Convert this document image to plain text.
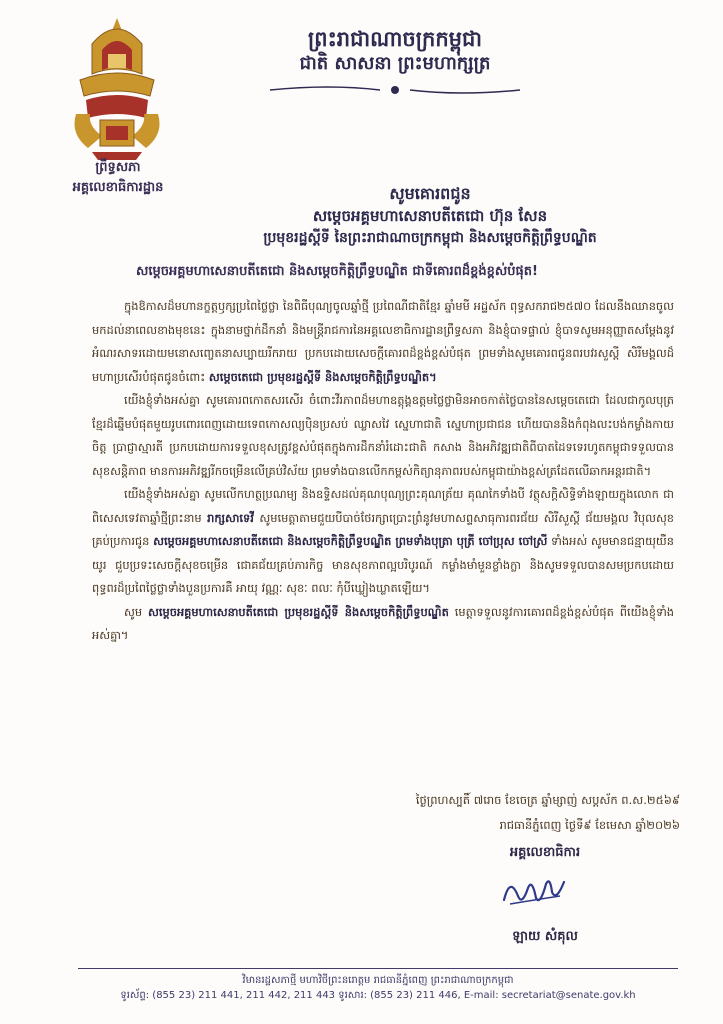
ព្រះរាជាណាចក្រកម្ពុជា
ជាតិ សាសនា ព្រះមហាក្សត្រ
ព្រឹទ្ធសភា
អគ្គលេខាធិការដ្ឋាន	សូមគោរពជូន
សម្តេចអគ្គមហាសេនាបតីតេជោ ហ៊ុន សែន
ប្រមុខរដ្ឋស្តីទី នៃព្រះរាជាណាចក្រកម្ពុជា និងសម្តេចកិត្តិព្រឹទ្ធបណ្ឌិត
សម្តេចអគ្គមហាសេនាបតីតេជោ និងសម្តេចកិត្តិព្រឹទ្ធបណ្ឌិត ជាទីគោរពដ៏ខ្ពង់ខ្ពស់បំផុត!

ក្នុងឱកាសដ៏មហានក្ខត្តឫក្សប្រពៃថ្លៃថ្លា នៃពិធីបុណ្យចូលឆ្នាំថ្មី ប្រពៃណីជាតិខ្មែរ ឆ្នាំមមី អដ្ឋស័ក ពុទ្ធសករាជ២៥៧០ ដែលនឹងឈានចូលមកដល់នាពេលខាងមុខនេះ ក្នុងនាមថ្នាក់ដឹកនាំ និងមន្ត្រីរាជការនៃអគ្គលេខាធិការដ្ឋានព្រឹទ្ធសភា និងខ្ញុំបាទផ្ទាល់ ខ្ញុំបាទសូមអនុញ្ញាតសម្តែងនូវអំណរសាទរដោយមនោសញ្ចេតនាសប្បាយរីករាយ ប្រកបដោយសេចក្តីគោរពដ៏ខ្ពង់ខ្ពស់បំផុត ព្រមទាំងសូមគោរពជូនពរបវរសួស្តី សិរីមង្គលដ៏មហាប្រសើរបំផុតជូនចំពោះ សម្តេចតេជោ ប្រមុខរដ្ឋស្តីទី និងសម្តេចកិត្តិព្រឹទ្ធបណ្ឌិត។

យើងខ្ញុំទាំងអស់គ្នា សូមគោរពកោតសរសើរ ចំពោះវីរភាពដ៏មហាឧត្តុង្គឧត្តមថ្លៃថ្លាមិនអាចកាត់ថ្លៃបាននៃសម្តេចតេជោ ដែលជាកូលបុត្រខ្មែរដ៏ឆ្នើមបំផុតមួយរូបពោរពេញដោយទេពកោសល្យប៉ិនប្រសប់ ឈ្លាសវៃ ស្នេហាជាតិ ស្នេហាប្រជាជន ហើយបាននិងកំពុងលះបង់កម្លាំងកាយចិត្ត ប្រាជ្ញាស្មារតី ប្រកបដោយការទទួលខុសត្រូវខ្ពស់បំផុតក្នុងការដឹកនាំរំដោះជាតិ កសាង និងអភិវឌ្ឍជាតិពីបាតដៃទទេរហូតកម្ពុជាទទួលបានសុខសន្តិភាព មានការអភិវឌ្ឍរីកចម្រើនលើគ្រប់វិស័យ ព្រមទាំងបានលើកកម្ពស់កិត្យានុភាពរបស់កម្ពុជាយ៉ាងខ្ពស់ត្រដែតលើឆាកអន្តរជាតិ។

យើងខ្ញុំទាំងអស់គ្នា សូមលើកហត្ថប្រណម្យ និងឧទ្ទិសដល់គុណបុណ្យព្រះគុណត្រ័យ គុណកៃទាំងបី វត្ថុសក្តិសិទ្ធិទាំងឡាយក្នុងលោក ជាពិសេសទេវតាឆ្នាំថ្មីព្រះនាម រាក្សសាទេវី សូមមេត្តាតាមជួយបីបាច់ថែរក្សាប្រោះព្រំនូវមហាសព្ទសាធុការពរជ័យ សិរីសួស្តី ជ័យមង្គល វិបុលសុខគ្រប់ប្រការជូន សម្តេចអគ្គមហាសេនាបតីតេជោ និងសម្តេចកិត្តិព្រឹទ្ធបណ្ឌិត ព្រមទាំងបុត្រា បុត្រី ចៅប្រុស ចៅស្រី ទាំងអស់ សូមមានជន្មាយុយឺនយូរ ជួបប្រទះសេចក្តីសុខចម្រើន ជោគជ័យគ្រប់ភារកិច្ច មានសុខភាពល្អបរិបូរណ៍ កម្លាំងមាំមួនខ្លាំងក្លា និងសូមទទួលបានសមប្រកបដោយពុទ្ធពរដ៏ប្រពៃថ្លៃថ្លាទាំងបួនប្រការគឺ អាយុ វណ្ណៈ សុខៈ ពលៈ កុំបីឃ្លៀងឃ្លាតឡើយ។

សូម សម្តេចអគ្គមហាសេនាបតីតេជោ ប្រមុខរដ្ឋស្តីទី និងសម្តេចកិត្តិព្រឹទ្ធបណ្ឌិត មេត្តាទទួលនូវការគោរពដ៏ខ្ពង់ខ្ពស់បំផុត ពីយើងខ្ញុំទាំងអស់គ្នា។

ថ្ងៃព្រហស្បតិ៍ ៧រោច ខែចេត្រ ឆ្នាំម្សាញ់ សប្តស័ក ព.ស.២៥៦៩
រាជធានីភ្នំពេញ ថ្ងៃទី៩ ខែមេសា ឆ្នាំ២០២៦
អគ្គលេខាធិការ
ឡាយ សំគុល
វិមានរដ្ឋសភាថ្មី មហាវិថីព្រះនរោត្តម រាជធានីភ្នំពេញ ព្រះរាជាណាចក្រកម្ពុជា
ទូរស័ព្ទ: (855 23) 211 441, 211 442, 211 443 ទូរសារ: (855 23) 211 446, E-mail: secretariat@senate.gov.kh
